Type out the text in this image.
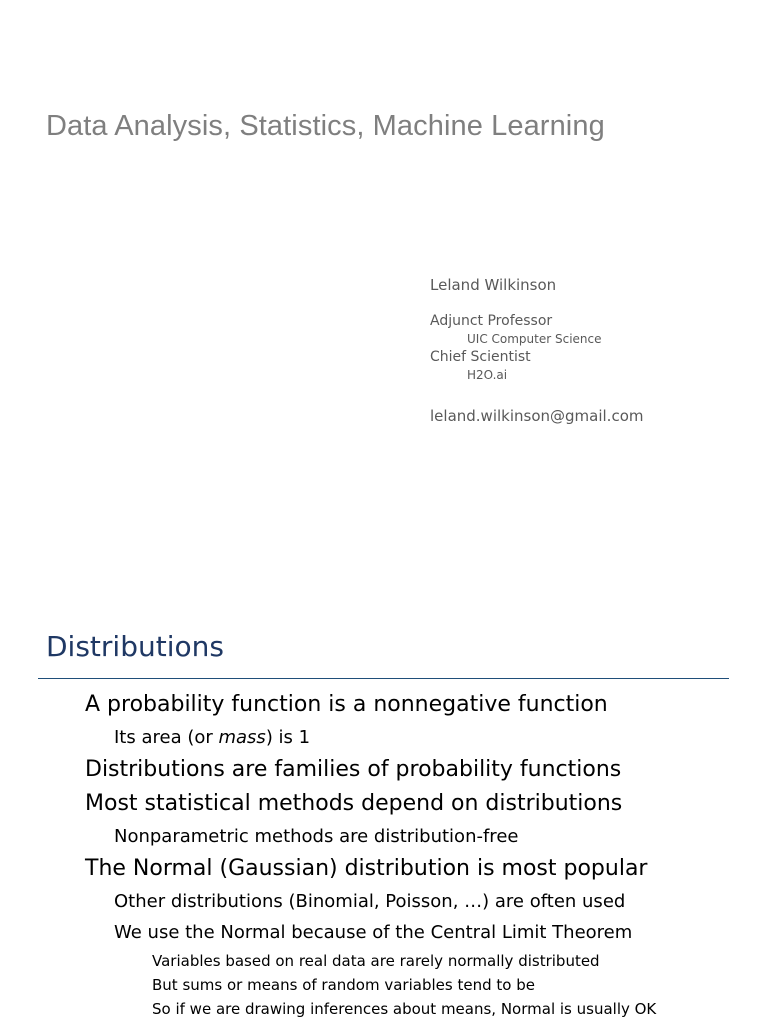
Data Analysis, Statistics, Machine Learning

Leland Wilkinson

Adjunct Professor

UIC Computer Science

Chief Scientist

H2O.ai

leland.wilkinson@gmail.com

Distributions
A probability function is a nonnegative function
Its area (or mass) is 1
Distributions are families of probability functions
Most statistical methods depend on distributions
Nonparametric methods are distribution-free
The Normal (Gaussian) distribution is most popular
Other distributions (Binomial, Poisson, …) are often used
We use the Normal because of the Central Limit Theorem
Variables based on real data are rarely normally distributed
But sums or means of random variables tend to be
So if we are drawing inferences about means, Normal is usually OK
